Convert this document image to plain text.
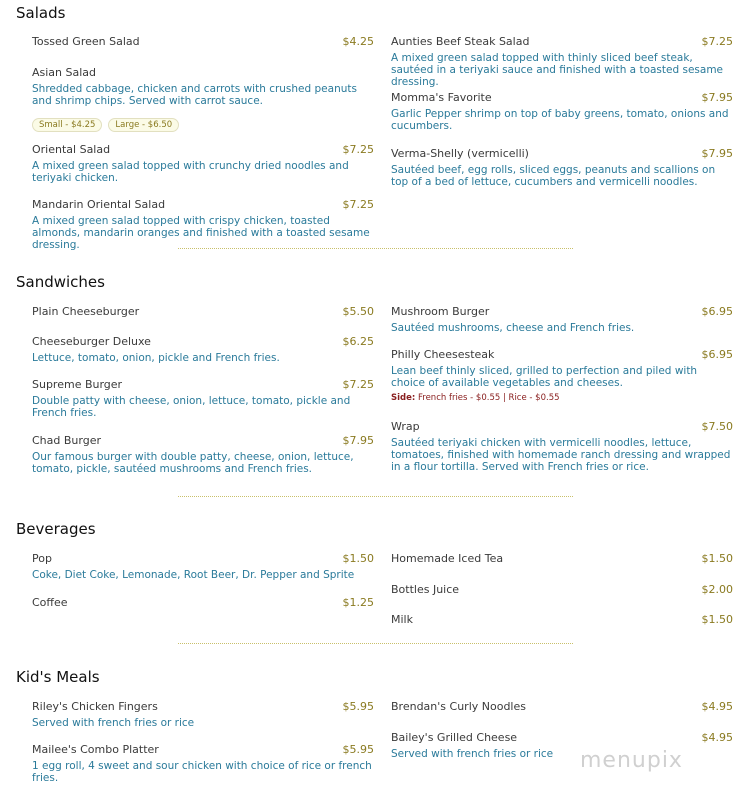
Salads
Tossed Green Salad	$4.25
Asian Salad
Shredded cabbage, chicken and carrots with crushed peanuts and shrimp chips. Served with carrot sauce.
Small - $4.25 Large - $6.50
Oriental Salad	$7.25
A mixed green salad topped with crunchy dried noodles and teriyaki chicken.
Mandarin Oriental Salad	$7.25
A mixed green salad topped with crispy chicken, toasted almonds, mandarin oranges and finished with a toasted sesame dressing.
Aunties Beef Steak Salad	$7.25
A mixed green salad topped with thinly sliced beef steak, sautéed in a teriyaki sauce and finished with a toasted sesame dressing.
Momma's Favorite	$7.95
Garlic Pepper shrimp on top of baby greens, tomato, onions and cucumbers.
Verma-Shelly (vermicelli)	$7.95
Sautéed beef, egg rolls, sliced eggs, peanuts and scallions on top of a bed of lettuce, cucumbers and vermicelli noodles.
Sandwiches
Plain Cheeseburger	$5.50
Cheeseburger Deluxe	$6.25
Lettuce, tomato, onion, pickle and French fries.
Supreme Burger	$7.25
Double patty with cheese, onion, lettuce, tomato, pickle and French fries.
Chad Burger	$7.95
Our famous burger with double patty, cheese, onion, lettuce, tomato, pickle, sautéed mushrooms and French fries.
Mushroom Burger	$6.95
Sautéed mushrooms, cheese and French fries.
Philly Cheesesteak	$6.95
Lean beef thinly sliced, grilled to perfection and piled with choice of available vegetables and cheeses.
Side: French fries - $0.55 | Rice - $0.55
Wrap	$7.50
Sautéed teriyaki chicken with vermicelli noodles, lettuce, tomatoes, finished with homemade ranch dressing and wrapped in a flour tortilla. Served with French fries or rice.
Beverages
Pop	$1.50
Coke, Diet Coke, Lemonade, Root Beer, Dr. Pepper and Sprite
Coffee	$1.25
Homemade Iced Tea	$1.50
Bottles Juice	$2.00
Milk	$1.50
Kid's Meals
Riley's Chicken Fingers	$5.95
Served with french fries or rice
Mailee's Combo Platter	$5.95
1 egg roll, 4 sweet and sour chicken with choice of rice or french fries.
Brendan's Curly Noodles	$4.95
Bailey's Grilled Cheese	$4.95
Served with french fries or rice	menupix
